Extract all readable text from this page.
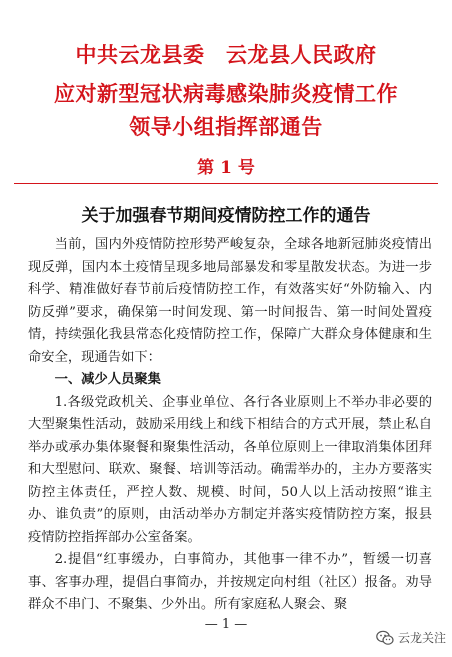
中共云龙县委　云龙县人民政府
应对新型冠状病毒感染肺炎疫情工作
领导小组指挥部通告
第 1 号
关于加强春节期间疫情防控工作的通告

当前，国内外疫情防控形势严峻复杂，全球各地新冠肺炎疫情出现反弹，国内本土疫情呈现多地局部暴发和零星散发状态。为进一步科学、精准做好春节前后疫情防控工作，有效落实好“外防输入、内防反弹”要求，确保第一时间发现、第一时间报告、第一时间处置疫情，持续强化我县常态化疫情防控工作，保障广大群众身体健康和生命安全，现通告如下：

一、减少人员聚集

1.各级党政机关、企事业单位、各行各业原则上不举办非必要的大型聚集性活动，鼓励采用线上和线下相结合的方式开展，禁止私自举办或承办集体聚餐和聚集性活动，各单位原则上一律取消集体团拜和大型慰问、联欢、聚餐、培训等活动。确需举办的，主办方要落实防控主体责任，严控人数、规模、时间，50人以上活动按照“谁主办、谁负责”的原则，由活动举办方制定并落实疫情防控方案，报县疫情防控指挥部办公室备案。

2.提倡“红事缓办，白事简办，其他事一律不办”，暂缓一切喜事、客事办理，提倡白事简办，并按规定向村组（社区）报备。劝导群众不串门、不聚集、少外出。所有家庭私人聚会、聚

— 1 —
云龙关注
